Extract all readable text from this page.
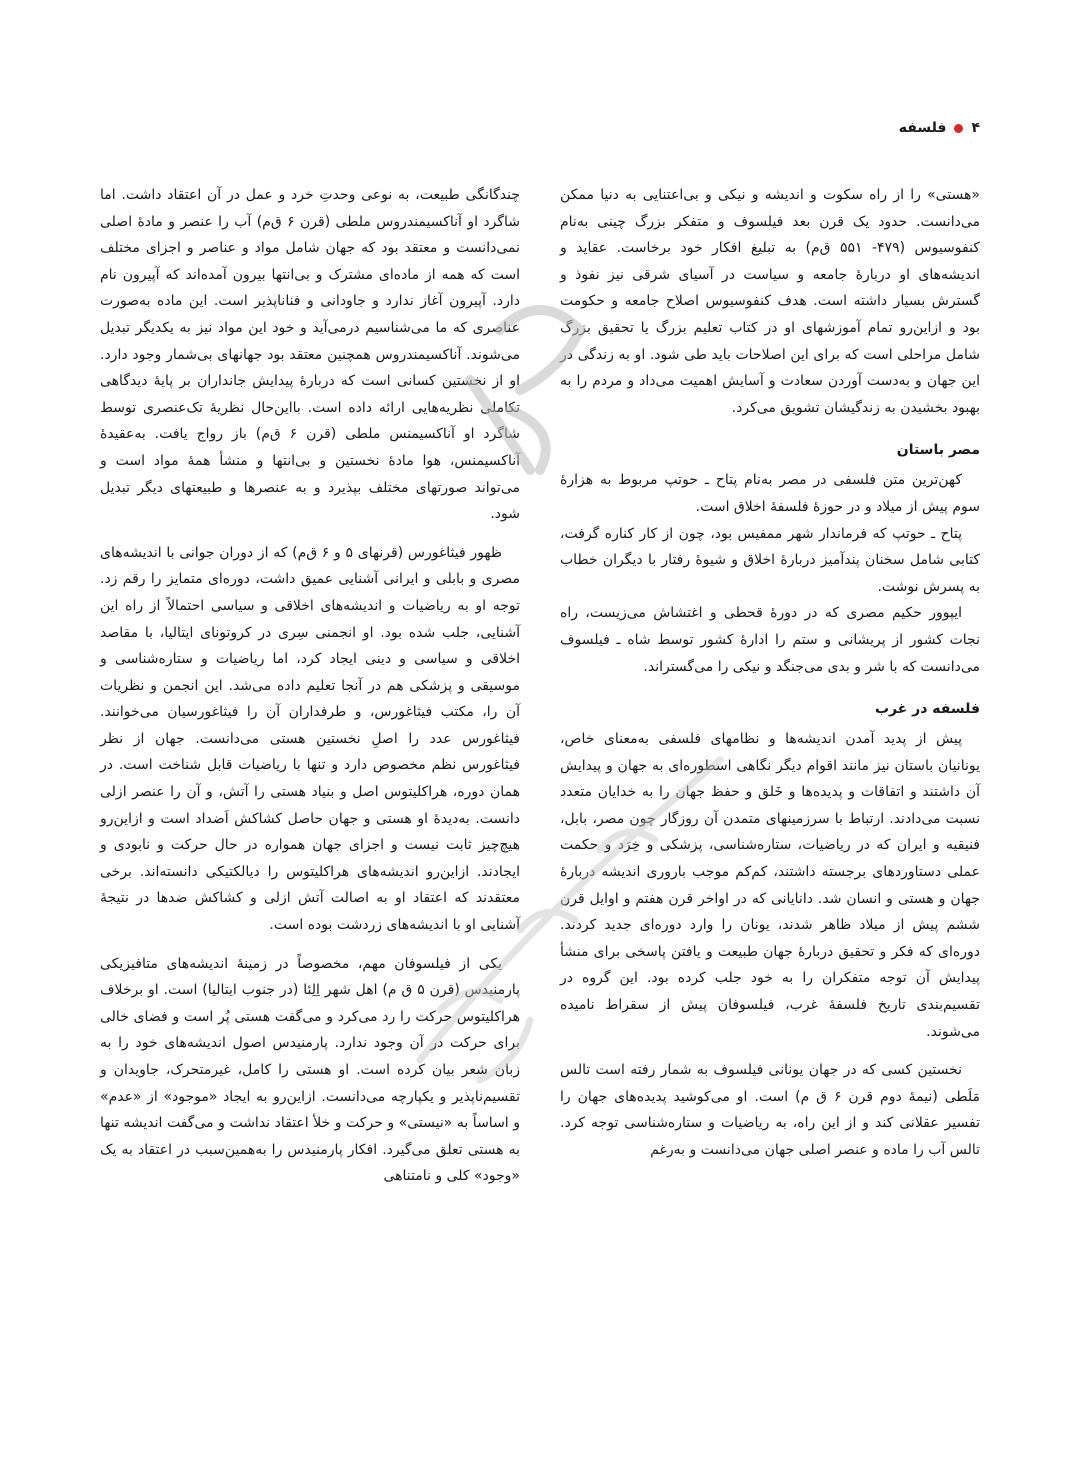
۴
فلسفه

«هستی» را از راه سکوت و اندیشه و نیکی و بی‌اعتنایی به دنیا ممکن می‌دانست. حدود یک قرن بعد فیلسوف و متفکر بزرگ چینی به‌نام کنفوسیوس (۴۷۹- ۵۵۱ ق‌م) به تبلیغ افکار خود برخاست. عقاید و اندیشه‌های او دربارهٔ جامعه و سیاست در آسیای شرقی نیز نفوذ و گسترش بسیار داشته است. هدف کنفوسیوس اصلاح جامعه و حکومت بود و ازاین‌رو تمام آموزشهای او در کتاب تعلیم بزرگ یا تحقیق بزرگ شامل مراحلی است که برای این اصلاحات باید طی شود. او به زندگی در این جهان و به‌دست آوردن سعادت و آسایش اهمیت می‌داد و مردم را به بهبود بخشیدن به زندگیشان تشویق می‌کرد.

مصر باستان

کهن‌ترین متن فلسفی در مصر به‌نام پتاح ـ حوتپ مربوط به هزارهٔ سوم پیش از میلاد و در حوزهٔ فلسفهٔ اخلاق است.

پتاح ـ حوتپ که فرماندار شهر ممفیس بود، چون از کار کناره گرفت، کتابی شامل سخنان پندآمیز دربارهٔ اخلاق و شیوهٔ رفتار با دیگران خطاب به پسرش نوشت.

ایپوور حکیم مصری که در دورهٔ قحطی و اغتشاش می‌زیست، راه نجات کشور از پریشانی و ستم را ادارهٔ کشور توسط شاه ـ فیلسوف می‌دانست که با شر و بدی می‌جنگد و نیکی را می‌گستراند.

فلسفه در غرب

پیش از پدید آمدن اندیشه‌ها و نظامهای فلسفی به‌معنای خاص، یونانیان باستان نیز مانند اقوام دیگر نگاهی اسطوره‌ای به جهان و پیدایش آن داشتند و اتفاقات و پدیده‌ها و خَلق و حفظ جهان را به خدایان متعدد نسبت می‌دادند. ارتباط با سرزمینهای متمدن آن روزگار چون مصر، بابل، فنیقیه و ایران که در ریاضیات، ستاره‌شناسی، پزشکی و خِرَد و حکمت عملی دستاوردهای برجسته داشتند، کم‌کم موجب باروری اندیشه دربارهٔ جهان و هستی و انسان شد. دانایانی که در اواخر قرن هفتم و اوایل قرن ششم پیش از میلاد ظاهر شدند، یونان را وارد دوره‌ای جدید کردند. دوره‌ای که فکر و تحقیق دربارهٔ جهان طبیعت و یافتن پاسخی برای منشأ پیدایش آن توجه متفکران را به خود جلب کرده بود. این گروه در تقسیم‌بندی تاریخ فلسفهٔ غرب، فیلسوفان پیش از سقراط نامیده می‌شوند.

نخستین کسی که در جهان یونانی فیلسوف به شمار رفته است تالس مَلَطی (نیمهٔ دوم قرن ۶ ق م) است. او می‌کوشید پدیده‌های جهان را تفسیر عقلانی کند و از این راه، به ریاضیات و ستاره‌شناسی توجه کرد. تالس آب را ماده و عنصر اصلی جهان می‌دانست و به‌رغم

چندگانگی طبیعت، به نوعی وحدتِ خرد و عمل در آن اعتقاد داشت. اما شاگرد او آناکسیمندروس ملطی (قرن ۶ ق‌م) آب را عنصر و مادهٔ اصلی نمی‌دانست و معتقد بود که جهان شامل مواد و عناصر و اجزای مختلف است که همه از ماده‌ای مشترک و بی‌انتها بیرون آمده‌اند که آپیرون نام دارد. آپیرون آغاز ندارد و جاودانی و فناناپذیر است. این ماده به‌صورت عناصری که ما می‌شناسیم درمی‌آید و خود این مواد نیز به یکدیگر تبدیل می‌شوند. آناکسیمندروس همچنین معتقد بود جهانهای بی‌شمار وجود دارد. او از نخستین کسانی است که دربارهٔ پیدایش جانداران بر پایهٔ دیدگاهی تکاملی نظریه‌هایی ارائه داده است. بااین‌حال نظریهٔ تک‌عنصری توسط شاگرد او آناکسیمنس ملطی (قرن ۶ ق‌م) باز رواج یافت. به‌عقیدهٔ آناکسیمنس، هوا مادهٔ نخستین و بی‌انتها و منشأ همهٔ مواد است و می‌تواند صورتهای مختلف بپذیرد و به عنصرها و طبیعتهای دیگر تبدیل شود.

ظهور فیثاغورس (قرنهای ۵ و ۶ ق‌م) که از دوران جوانی با اندیشه‌های مصری و بابلی و ایرانی آشنایی عمیق داشت، دوره‌ای متمایز را رقم زد. توجه او به ریاضیات و اندیشه‌های اخلاقی و سیاسی احتمالاً از راه این آشنایی، جلب شده بود. او انجمنی سِری در کروتونای ایتالیا، با مقاصد اخلاقی و سیاسی و دینی ایجاد کرد، اما ریاضیات و ستاره‌شناسی و موسیقی و پزشکی هم در آنجا تعلیم داده می‌شد. این انجمن و نظریات آن را، مکتب فیثاغورس، و طرفداران آن را فیثاغورسیان می‌خوانند. فیثاغورس عدد را اصلِ نخستین هستی می‌دانست. جهان از نظر فیثاغورس نظم مخصوص دارد و تنها با ریاضیات قابل شناخت است. در همان دوره، هراکلیتوس اصل و بنیاد هستی را آتش، و آن را عنصر ازلی دانست. به‌دیدهٔ او هستی و جهان حاصل کشاکش اَضداد است و ازاین‌رو هیچ‌چیز ثابت نیست و اجزای جهان همواره در حال حرکت و نابودی و ایجادند. ازاین‌رو اندیشه‌های هراکلیتوس را دیالکتیکی دانسته‌اند. برخی معتقدند که اعتقاد او به اصالت آتش ازلی و کشاکش ضدها در نتیجهٔ آشنایی او با اندیشه‌های زردشت بوده است.

یکی از فیلسوفان مهم، مخصوصاً در زمینهٔ اندیشه‌های متافیزیکی پارمنیدس (قرن ۵ ق م) اهل شهر اِلِئا (در جنوب ایتالیا) است. او برخلاف هراکلیتوس حرکت را رد می‌کرد و می‌گفت هستی پُر است و فضای خالی برای حرکت در آن وجود ندارد. پارمنیدس اصول اندیشه‌های خود را به زبان شعر بیان کرده است. او هستی را کامل، غیرمتحرک، جاویدان و تقسیم‌ناپذیر و یکپارچه می‌دانست. ازاین‌رو به ایجاد «موجود» از «عدم» و اساساً به «نیستی» و حرکت و خلأ اعتقاد نداشت و می‌گفت اندیشه تنها به هستی تعلق می‌گیرد. افکار پارمنیدس را به‌همین‌سبب در اعتقاد به یک «وجود» کلی و نامتناهی
